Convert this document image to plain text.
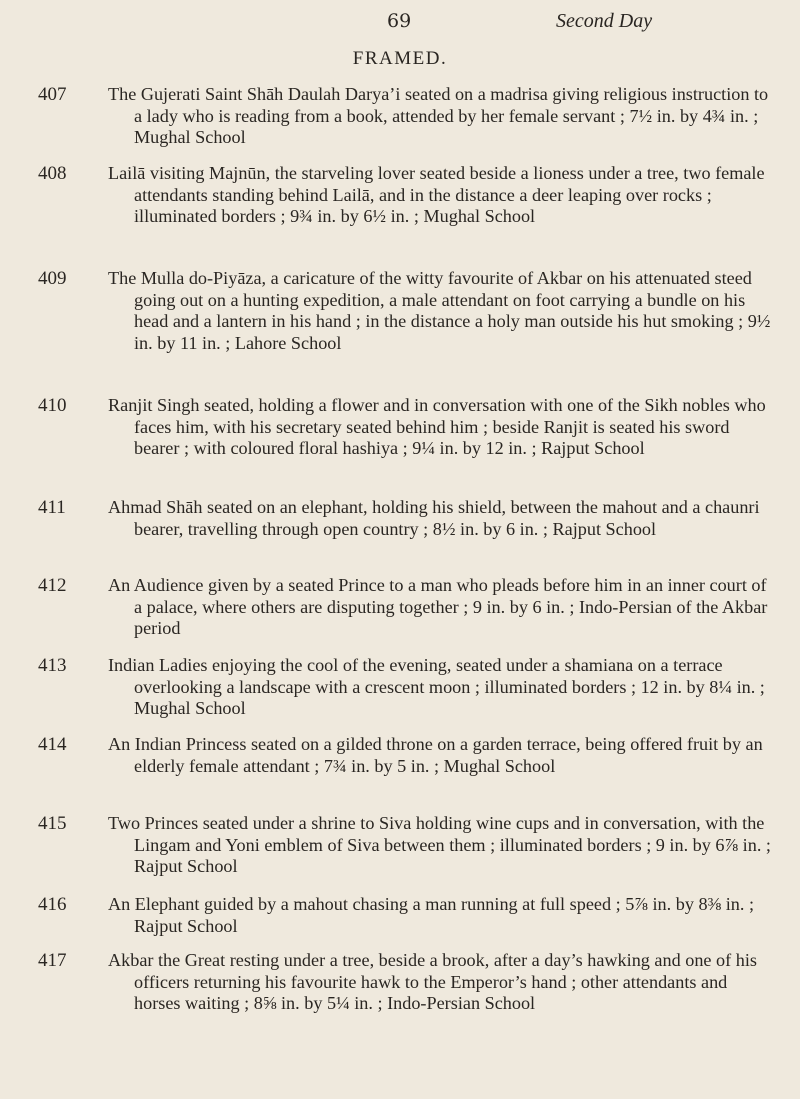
69	Second Day
FRAMED.
407	The Gujerati Saint Shāh Daulah Darya’i seated on a madrisa giving religious instruction to a lady who is reading from a book, attended by her female servant ; 7½ in. by 4¾ in. ; Mughal School
408	Lailā visiting Majnūn, the starveling lover seated beside a lioness under a tree, two female attendants standing behind Lailā, and in the distance a deer leaping over rocks ; illuminated borders ; 9¾ in. by 6½ in. ; Mughal School
409	The Mulla do-Piyāza, a caricature of the witty favourite of Akbar on his attenuated steed going out on a hunting expedition, a male attendant on foot carrying a bundle on his head and a lantern in his hand ; in the distance a holy man outside his hut smoking ; 9½ in. by 11 in. ; Lahore School
410	Ranjit Singh seated, holding a flower and in conversation with one of the Sikh nobles who faces him, with his secretary seated behind him ; beside Ranjit is seated his sword bearer ; with coloured floral hashiya ; 9¼ in. by 12 in. ; Rajput School
411	Ahmad Shāh seated on an elephant, holding his shield, between the mahout and a chaunri bearer, travelling through open country ; 8½ in. by 6 in. ; Rajput School
412	An Audience given by a seated Prince to a man who pleads before him in an inner court of a palace, where others are disputing together ; 9 in. by 6 in. ; Indo-Persian of the Akbar period
413	Indian Ladies enjoying the cool of the evening, seated under a shamiana on a terrace overlooking a landscape with a crescent moon ; illuminated borders ; 12 in. by 8¼ in. ; Mughal School
414	An Indian Princess seated on a gilded throne on a garden terrace, being offered fruit by an elderly female attendant ; 7¾ in. by 5 in. ; Mughal School
415	Two Princes seated under a shrine to Siva holding wine cups and in conversation, with the Lingam and Yoni emblem of Siva between them ; illuminated borders ; 9 in. by 6⅞ in. ; Rajput School
416	An Elephant guided by a mahout chasing a man running at full speed ; 5⅞ in. by 8⅜ in. ; Rajput School
417	Akbar the Great resting under a tree, beside a brook, after a day’s hawking and one of his officers returning his favourite hawk to the Emperor’s hand ; other attendants and horses waiting ; 8⅝ in. by 5¼ in. ; Indo-Persian School
